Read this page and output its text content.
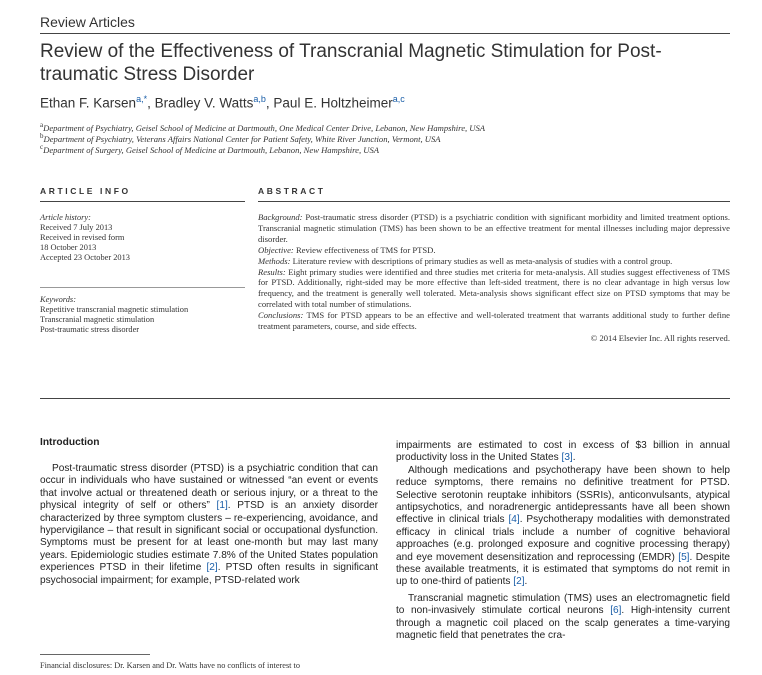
Review Articles
Review of the Effectiveness of Transcranial Magnetic Stimulation for Post-traumatic Stress Disorder
Ethan F. Karsen$^{a,*}$, Bradley V. Watts$^{a,b}$, Paul E. Holtzheimer$^{a,c}$
$^a$Department of Psychiatry, Geisel School of Medicine at Dartmouth, One Medical Center Drive, Lebanon, New Hampshire, USA
$^b$Department of Psychiatry, Veterans Affairs National Center for Patient Safety, White River Junction, Vermont, USA
$^c$Department of Surgery, Geisel School of Medicine at Dartmouth, Lebanon, New Hampshire, USA
ARTICLE INFO	ABSTRACT
Article history:
Received 7 July 2013
Received in revised form
18 October 2013
Accepted 23 October 2013
Keywords:
Repetitive transcranial magnetic stimulation
Transcranial magnetic stimulation
Post-traumatic stress disorder

Background: Post-traumatic stress disorder (PTSD) is a psychiatric condition with significant morbidity and limited treatment options. Transcranial magnetic stimulation (TMS) has been shown to be an effective treatment for mental illnesses including major depressive disorder.

Objective: Review effectiveness of TMS for PTSD.

Methods: Literature review with descriptions of primary studies as well as meta-analysis of studies with a control group.

Results: Eight primary studies were identified and three studies met criteria for meta-analysis. All studies suggest effectiveness of TMS for PTSD. Additionally, right-sided may be more effective than left-sided treatment, there is no clear advantage in high versus low frequency, and the treatment is generally well tolerated. Meta-analysis shows significant effect size on PTSD symptoms that may be correlated with total number of stimulations.

Conclusions: TMS for PTSD appears to be an effective and well-tolerated treatment that warrants additional study to further define treatment parameters, course, and side effects.

© 2014 Elsevier Inc. All rights reserved.
Introduction

Post-traumatic stress disorder (PTSD) is a psychiatric condition that can occur in individuals who have sustained or witnessed “an event or events that involve actual or threatened death or serious injury, or a threat to the physical integrity of self or others” [1]. PTSD is an anxiety disorder characterized by three symptom clusters – re-experiencing, avoidance, and hypervigilance – that result in significant social or occupational dysfunction. Symptoms must be present for at least one-month but may last many years. Epidemiologic studies estimate 7.8% of the United States population experiences PTSD in their lifetime [2]. PTSD often results in significant psychosocial impairment; for example, PTSD-related work

Financial disclosures: Dr. Karsen and Dr. Watts have no conflicts of interest to

impairments are estimated to cost in excess of $3 billion in annual productivity loss in the United States [3].

Although medications and psychotherapy have been shown to help reduce symptoms, there remains no definitive treatment for PTSD. Selective serotonin reuptake inhibitors (SSRIs), anticonvulsants, atypical antipsychotics, and noradrenergic antidepressants have all been shown effective in clinical trials [4]. Psychotherapy modalities with demonstrated efficacy in clinical trials include a number of cognitive behavioral approaches (e.g. prolonged exposure and cognitive processing therapy) and eye movement desensitization and reprocessing (EMDR) [5]. Despite these available treatments, it is estimated that symptoms do not remit in up to one-third of patients [2].

Transcranial magnetic stimulation (TMS) uses an electromagnetic field to non-invasively stimulate cortical neurons [6]. High-intensity current through a magnetic coil placed on the scalp generates a time-varying magnetic field that penetrates the cra-
